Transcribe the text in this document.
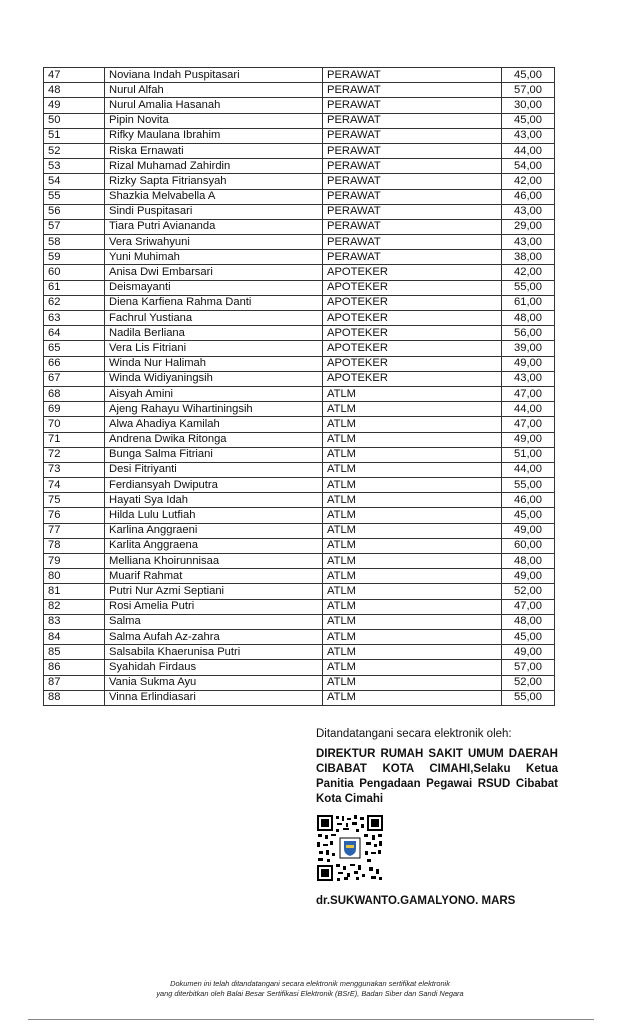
47	Noviana Indah Puspitasari	PERAWAT	45,00
48	Nurul Alfah	PERAWAT	57,00
49	Nurul Amalia Hasanah	PERAWAT	30,00
50	Pipin Novita	PERAWAT	45,00
51	Rifky Maulana Ibrahim	PERAWAT	43,00
52	Riska Ernawati	PERAWAT	44,00
53	Rizal Muhamad Zahirdin	PERAWAT	54,00
54	Rizky Sapta Fitriansyah	PERAWAT	42,00
55	Shazkia Melvabella A	PERAWAT	46,00
56	Sindi Puspitasari	PERAWAT	43,00
57	Tiara Putri Aviananda	PERAWAT	29,00
58	Vera Sriwahyuni	PERAWAT	43,00
59	Yuni Muhimah	PERAWAT	38,00
60	Anisa Dwi Embarsari	APOTEKER	42,00
61	Deismayanti	APOTEKER	55,00
62	Diena Karfiena Rahma Danti	APOTEKER	61,00
63	Fachrul Yustiana	APOTEKER	48,00
64	Nadila Berliana	APOTEKER	56,00
65	Vera Lis Fitriani	APOTEKER	39,00
66	Winda Nur Halimah	APOTEKER	49,00
67	Winda Widiyaningsih	APOTEKER	43,00
68	Aisyah Amini	ATLM	47,00
69	Ajeng Rahayu Wihartiningsih	ATLM	44,00
70	Alwa Ahadiya Kamilah	ATLM	47,00
71	Andrena Dwika Ritonga	ATLM	49,00
72	Bunga Salma Fitriani	ATLM	51,00
73	Desi Fitriyanti	ATLM	44,00
74	Ferdiansyah Dwiputra	ATLM	55,00
75	Hayati Sya Idah	ATLM	46,00
76	Hilda Lulu Lutfiah	ATLM	45,00
77	Karlina Anggraeni	ATLM	49,00
78	Karlita Anggraena	ATLM	60,00
79	Melliana Khoirunnisaa	ATLM	48,00
80	Muarif Rahmat	ATLM	49,00
81	Putri Nur Azmi Septiani	ATLM	52,00
82	Rosi Amelia Putri	ATLM	47,00
83	Salma	ATLM	48,00
84	Salma Aufah Az-zahra	ATLM	45,00
85	Salsabila Khaerunisa Putri	ATLM	49,00
86	Syahidah Firdaus	ATLM	57,00
87	Vania Sukma Ayu	ATLM	52,00
88	Vinna Erlindiasari	ATLM	55,00
Ditandatangani secara elektronik oleh:
DIREKTUR RUMAH SAKIT UMUM DAERAH CIBABAT KOTA CIMAHI,Selaku Ketua Panitia Pengadaan Pegawai RSUD Cibabat Kota Cimahi
dr.SUKWANTO.GAMALYONO. MARS
Dokumen ini telah ditandatangani secara elektronik menggunakan sertifikat elektronik
yang diterbitkan oleh Balai Besar Sertifikasi Elektronik (BSrE), Badan Siber dan Sandi Negara
